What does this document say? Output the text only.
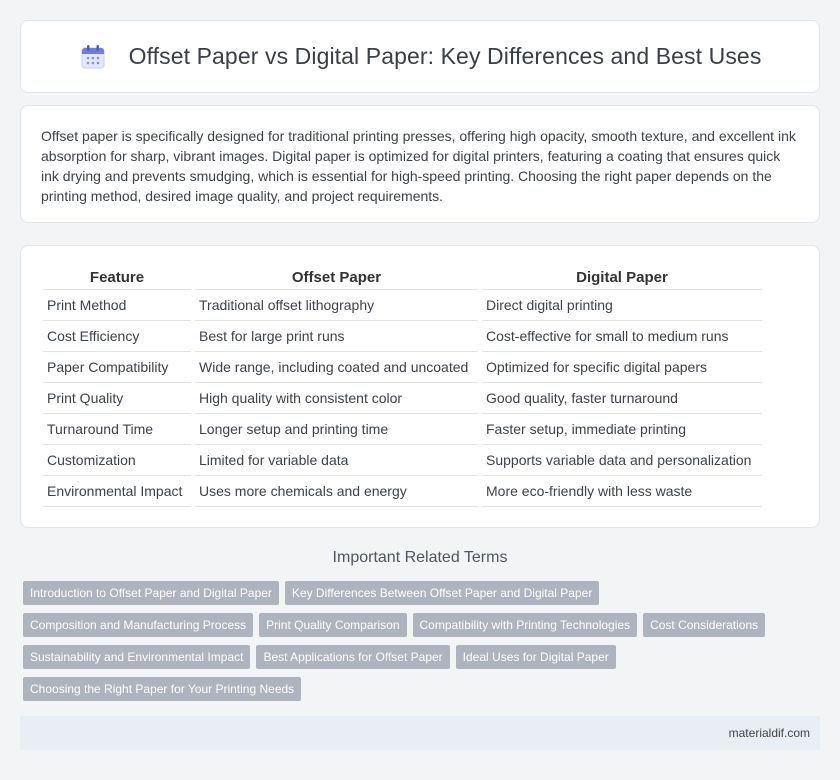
Offset Paper vs Digital Paper: Key Differences and Best Uses

Offset paper is specifically designed for traditional printing presses, offering high opacity, smooth texture, and excellent ink absorption for sharp, vibrant images. Digital paper is optimized for digital printers, featuring a coating that ensures quick ink drying and prevents smudging, which is essential for high-speed printing. Choosing the right paper depends on the printing method, desired image quality, and project requirements.

Feature	Offset Paper	Digital Paper
Print Method	Traditional offset lithography	Direct digital printing
Cost Efficiency	Best for large print runs	Cost-effective for small to medium runs
Paper Compatibility	Wide range, including coated and uncoated	Optimized for specific digital papers
Print Quality	High quality with consistent color	Good quality, faster turnaround
Turnaround Time	Longer setup and printing time	Faster setup, immediate printing
Customization	Limited for variable data	Supports variable data and personalization
Environmental Impact	Uses more chemicals and energy	More eco-friendly with less waste
Important Related Terms
Introduction to Offset Paper and Digital Paper	Key Differences Between Offset Paper and Digital Paper
Composition and Manufacturing Process	Print Quality Comparison	Compatibility with Printing Technologies	Cost Considerations
Sustainability and Environmental Impact	Best Applications for Offset Paper	Ideal Uses for Digital Paper
Choosing the Right Paper for Your Printing Needs
materialdif.com
